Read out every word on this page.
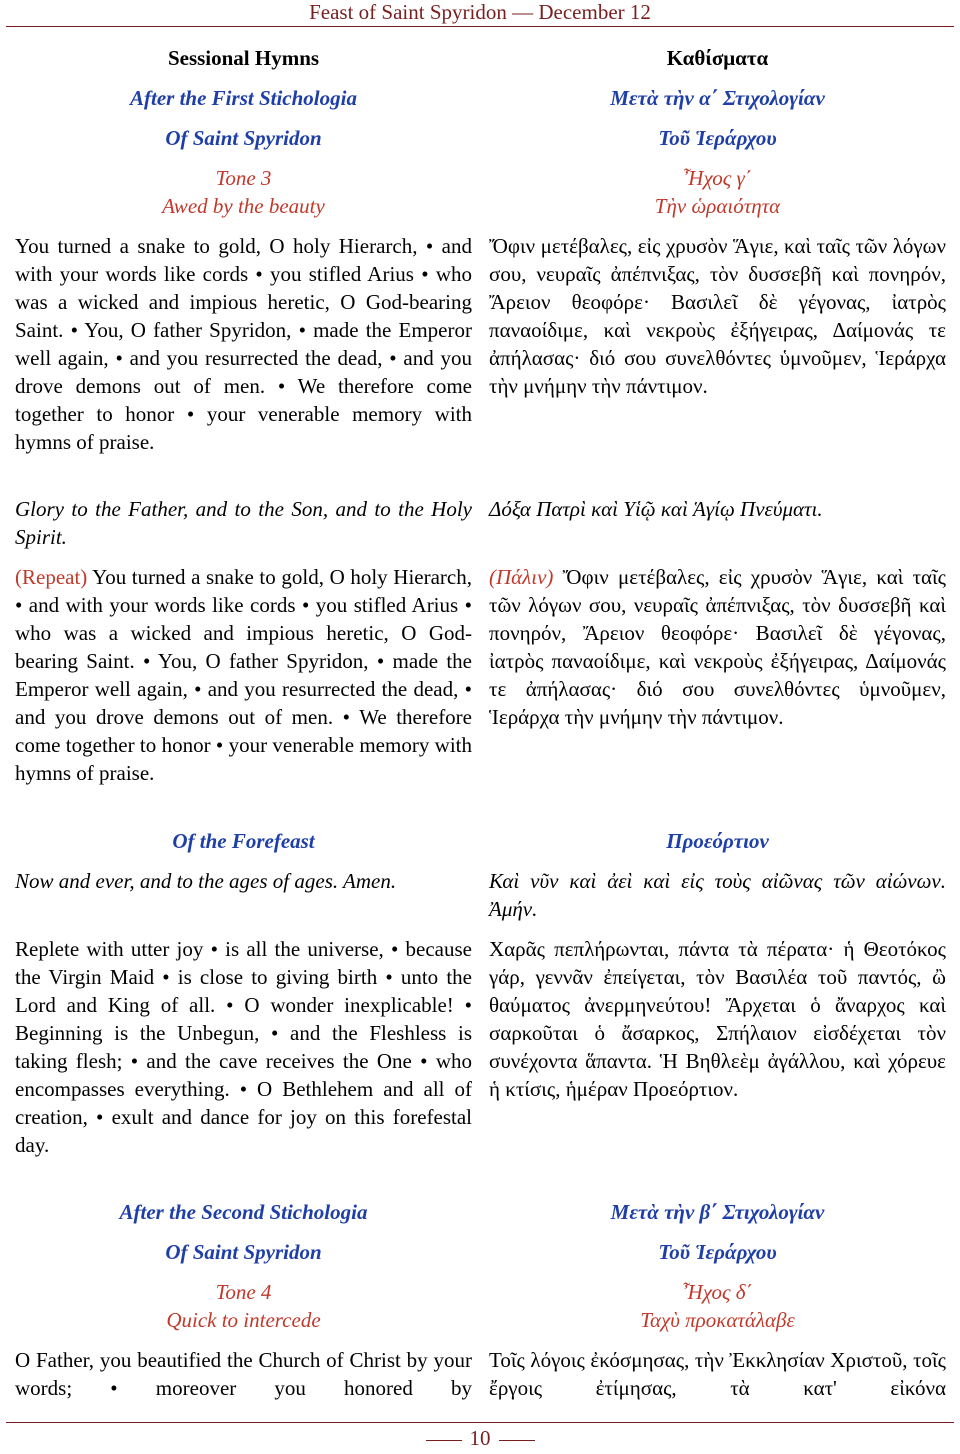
Feast of Saint Spyridon — December 12
Sessional Hymns
After the First Stichologia
Of Saint Spyridon
Tone 3
Awed by the beauty
You turned a snake to gold, O holy Hierarch, • and with your words like cords • you stifled Arius • who was a wicked and impious heretic, O God-bearing Saint. • You, O father Spyridon, • made the Emperor well again, • and you resurrected the dead, • and you drove demons out of men. • We therefore come together to honor • your venerable memory with hymns of praise.
Glory to the Father, and to the Son, and to the Holy Spirit.
(Repeat) You turned a snake to gold, O holy Hierarch, • and with your words like cords • you stifled Arius • who was a wicked and impious heretic, O God-bearing Saint. • You, O father Spyridon, • made the Emperor well again, • and you resurrected the dead, • and you drove demons out of men. • We therefore come together to honor • your venerable memory with hymns of praise.
Of the Forefeast
Now and ever, and to the ages of ages. Amen.
Replete with utter joy • is all the universe, • because the Virgin Maid • is close to giving birth • unto the Lord and King of all. • O wonder inexplicable! • Beginning is the Unbegun, • and the Fleshless is taking flesh; • and the cave receives the One • who encompasses everything. • O Bethlehem and all of creation, • exult and dance for joy on this forefestal day.
After the Second Stichologia
Of Saint Spyridon
Tone 4
Quick to intercede
O Father, you beautified the Church of Christ by your words; • moreover you honored by
Καθίσματα
Μετὰ τὴν α΄ Στιχολογίαν
Τοῦ Ἱεράρχου
Ἦχος γ΄
Τὴν ὡραιότητα
Ὄφιν μετέβαλες, εἰς χρυσὸν Ἅγιε, καὶ ταῖς τῶν λόγων σου, νευραῖς ἀπέπνιξας, τὸν δυσσεβῆ καὶ πονηρόν, Ἄρειον θεοφόρε· Βασιλεῖ δὲ γέγονας, ἰατρὸς παναοίδιμε, καὶ νεκροὺς ἐξήγειρας, Δαίμονάς τε ἀπήλασας· διό σου συνελθόντες ὑμνοῦμεν, Ἱεράρχα τὴν μνήμην τὴν πάντιμον.
Δόξα Πατρὶ καὶ Υἱῷ καὶ Ἁγίῳ Πνεύματι.
(Πάλιν) Ὄφιν μετέβαλες, εἰς χρυσὸν Ἅγιε, καὶ ταῖς τῶν λόγων σου, νευραῖς ἀπέπνιξας, τὸν δυσσεβῆ καὶ πονηρόν, Ἄρειον θεοφόρε· Βασιλεῖ δὲ γέγονας, ἰατρὸς παναοίδιμε, καὶ νεκροὺς ἐξήγειρας, Δαίμονάς τε ἀπήλασας· διό σου συνελθόντες ὑμνοῦμεν, Ἱεράρχα τὴν μνήμην τὴν πάντιμον.
Προεόρτιον
Καὶ νῦν καὶ ἀεὶ καὶ εἰς τοὺς αἰῶνας τῶν αἰώνων. Ἀμήν.
Χαρᾶς πεπλήρωνται, πάντα τὰ πέρατα· ἡ Θεοτόκος γάρ, γεννᾶν ἐπείγεται, τὸν Βασιλέα τοῦ παντός, ὢ θαύματος ἀνερμηνεύτου! Ἄρχεται ὁ ἄναρχος καὶ σαρκοῦται ὁ ἄσαρκος, Σπήλαιον εἰσδέχεται τὸν συνέχοντα ἅπαντα. Ἡ Βηθλεὲμ ἀγάλλου, καὶ χόρευε ἡ κτίσις, ἡμέραν Προεόρτιον.
Μετὰ τὴν β΄ Στιχολογίαν
Τοῦ Ἱεράρχου
Ἦχος δ΄
Ταχὺ προκατάλαβε
Τοῖς λόγοις ἐκόσμησας, τὴν Ἐκκλησίαν Χριστοῦ, τοῖς ἔργοις ἐτίμησας, τὰ κατ' εἰκόνα
10
